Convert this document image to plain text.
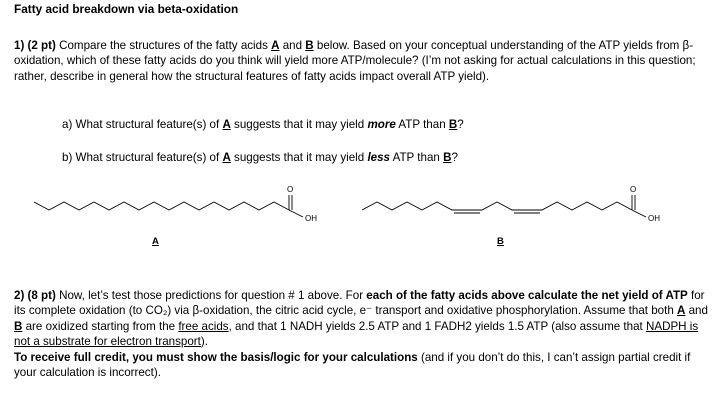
Fatty acid breakdown via beta-oxidation
1) (2 pt) Compare the structures of the fatty acids A and B below. Based on your conceptual understanding of the ATP yields from β-oxidation, which of these fatty acids do you think will yield more ATP/molecule? (I’m not asking for actual calculations in this question; rather, describe in general how the structural features of fatty acids impact overall ATP yield).
a) What structural feature(s) of A suggests that it may yield more ATP than B?
b) What structural feature(s) of A suggests that it may yield less ATP than B?
O
OH
O
OH
A	B
2) (8 pt) Now, let’s test those predictions for question # 1 above. For each of the fatty acids above calculate the net yield of ATP for its complete oxidation (to CO₂) via β-oxidation, the citric acid cycle, e⁻ transport and oxidative phosphorylation. Assume that both A and B are oxidized starting from the free acids, and that 1 NADH yields 2.5 ATP and 1 FADH2 yields 1.5 ATP (also assume that NADPH is not a substrate for electron transport).
To receive full credit, you must show the basis/logic for your calculations (and if you don’t do this, I can’t assign partial credit if your calculation is incorrect).
